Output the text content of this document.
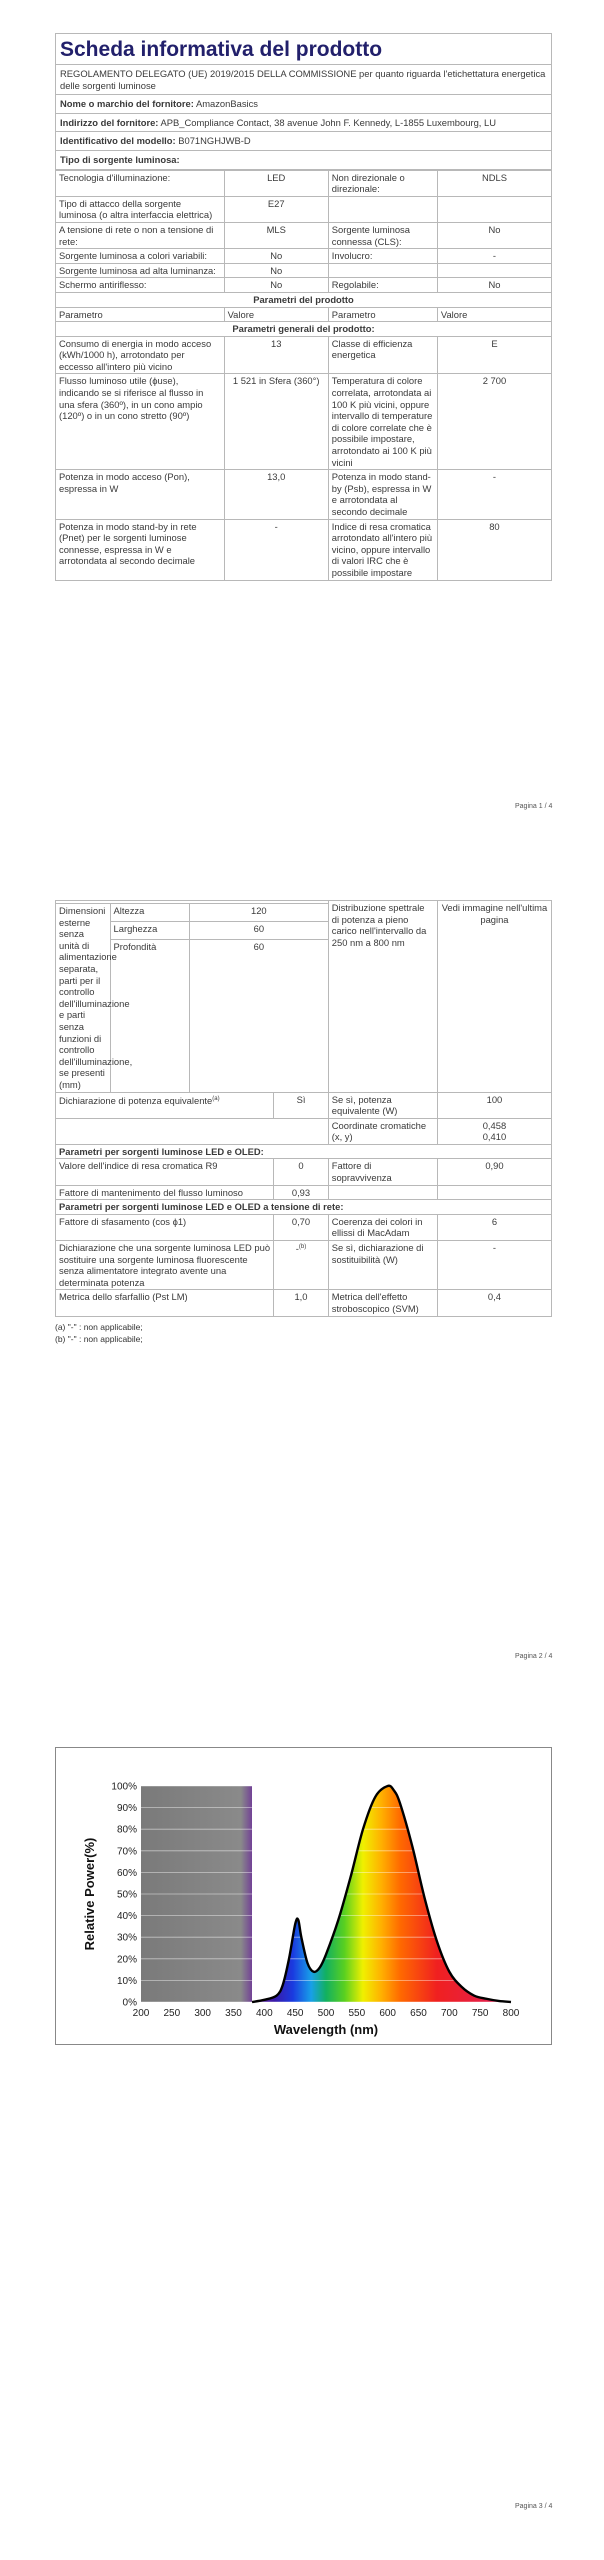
Scheda informativa del prodotto
REGOLAMENTO DELEGATO (UE) 2019/2015 DELLA COMMISSIONE per quanto riguarda l'etichettatura energetica delle sorgenti luminose
Nome o marchio del fornitore: AmazonBasics
Indirizzo del fornitore: APB_Compliance Contact, 38 avenue John F. Kennedy, L-1855 Luxembourg, LU
Identificativo del modello: B071NGHJWB-D
Tipo di sorgente luminosa:
Tecnologia d'illuminazione:	LED	Non direzionale o direzionale:	NDLS
Tipo di attacco della sorgente luminosa (o altra interfaccia elettrica)	E27		
A tensione di rete o non a tensione di rete:	MLS	Sorgente luminosa connessa (CLS):	No
Sorgente luminosa a colori variabili:	No	Involucro:	-
Sorgente luminosa ad alta luminanza:	No		
Schermo antiriflesso:	No	Regolabile:	No
Parametri del prodotto			
Parametro	Valore	Parametro	Valore
Parametri generali del prodotto:			
Consumo di energia in modo acceso (kWh/1000 h), arrotondato per eccesso all'intero più vicino	13	Classe di efficienza energetica	E
Flusso luminoso utile (ϕuse), indicando se si riferisce al flusso in una sfera (360º), in un cono ampio (120º) o in un cono stretto (90º)	1 521 in Sfera (360°)	Temperatura di colore correlata, arrotondata ai 100 K più vicini, oppure intervallo di temperature di colore correlate che è possibile impostare, arrotondato ai 100 K più vicini	2 700
Potenza in modo acceso (Pon), espressa in W	13,0	Potenza in modo stand-by (Psb), espressa in W e arrotondata al secondo decimale	-
Potenza in modo stand-by in rete (Pnet) per le sorgenti luminose connesse, espressa in W e arrotondata al secondo decimale	-	Indice di resa cromatica arrotondato all'intero più vicino, oppure intervallo di valori IRC che è possibile impostare	80
Pagina 1 / 4
				Distribuzione spettrale di potenza a pieno carico nell'intervallo da 250 nm a 800 nm	Vedi immagine nell'ultima pagina
Dimensioni esterne senza unità di alimentazione separata, parti per il controllo dell'illuminazione e parti senza funzioni di controllo dell'illuminazione, se presenti (mm)	Altezza	120			
	Larghezza	60			
	Profondità	60			
Dichiarazione di potenza equivalente$^{(a)}$			Sì	Se sì, potenza equivalente (W)	100
				Coordinate cromatiche (x, y)	0,458
0,410
Parametri per sorgenti luminose LED e OLED:					
Valore dell'indice di resa cromatica R9			0	Fattore di sopravvivenza	0,90
Fattore di mantenimento del flusso luminoso			0,93		
Parametri per sorgenti luminose LED e OLED a tensione di rete:					
Fattore di sfasamento (cos ϕ1)			0,70	Coerenza dei colori in ellissi di MacAdam	6
Dichiarazione che una sorgente luminosa LED può sostituire una sorgente luminosa fluorescente senza alimentatore integrato avente una determinata potenza			-$^{(b)}$	Se sì, dichiarazione di sostituibilità (W)	-
Metrica dello sfarfallio (Pst LM)			1,0	Metrica dell'effetto stroboscopico (SVM)	0,4
(a) "-" : non applicabile;
(b) "-" : non applicabile;
Pagina 2 / 4
0%
10%
20%
30%
40%
50%
60%
70%
80%
90%
100%
200 250 300 350 400 450 500 550 600 650 700 750 800
Wavelength (nm)
Relative Power(%)
Pagina 3 / 4
